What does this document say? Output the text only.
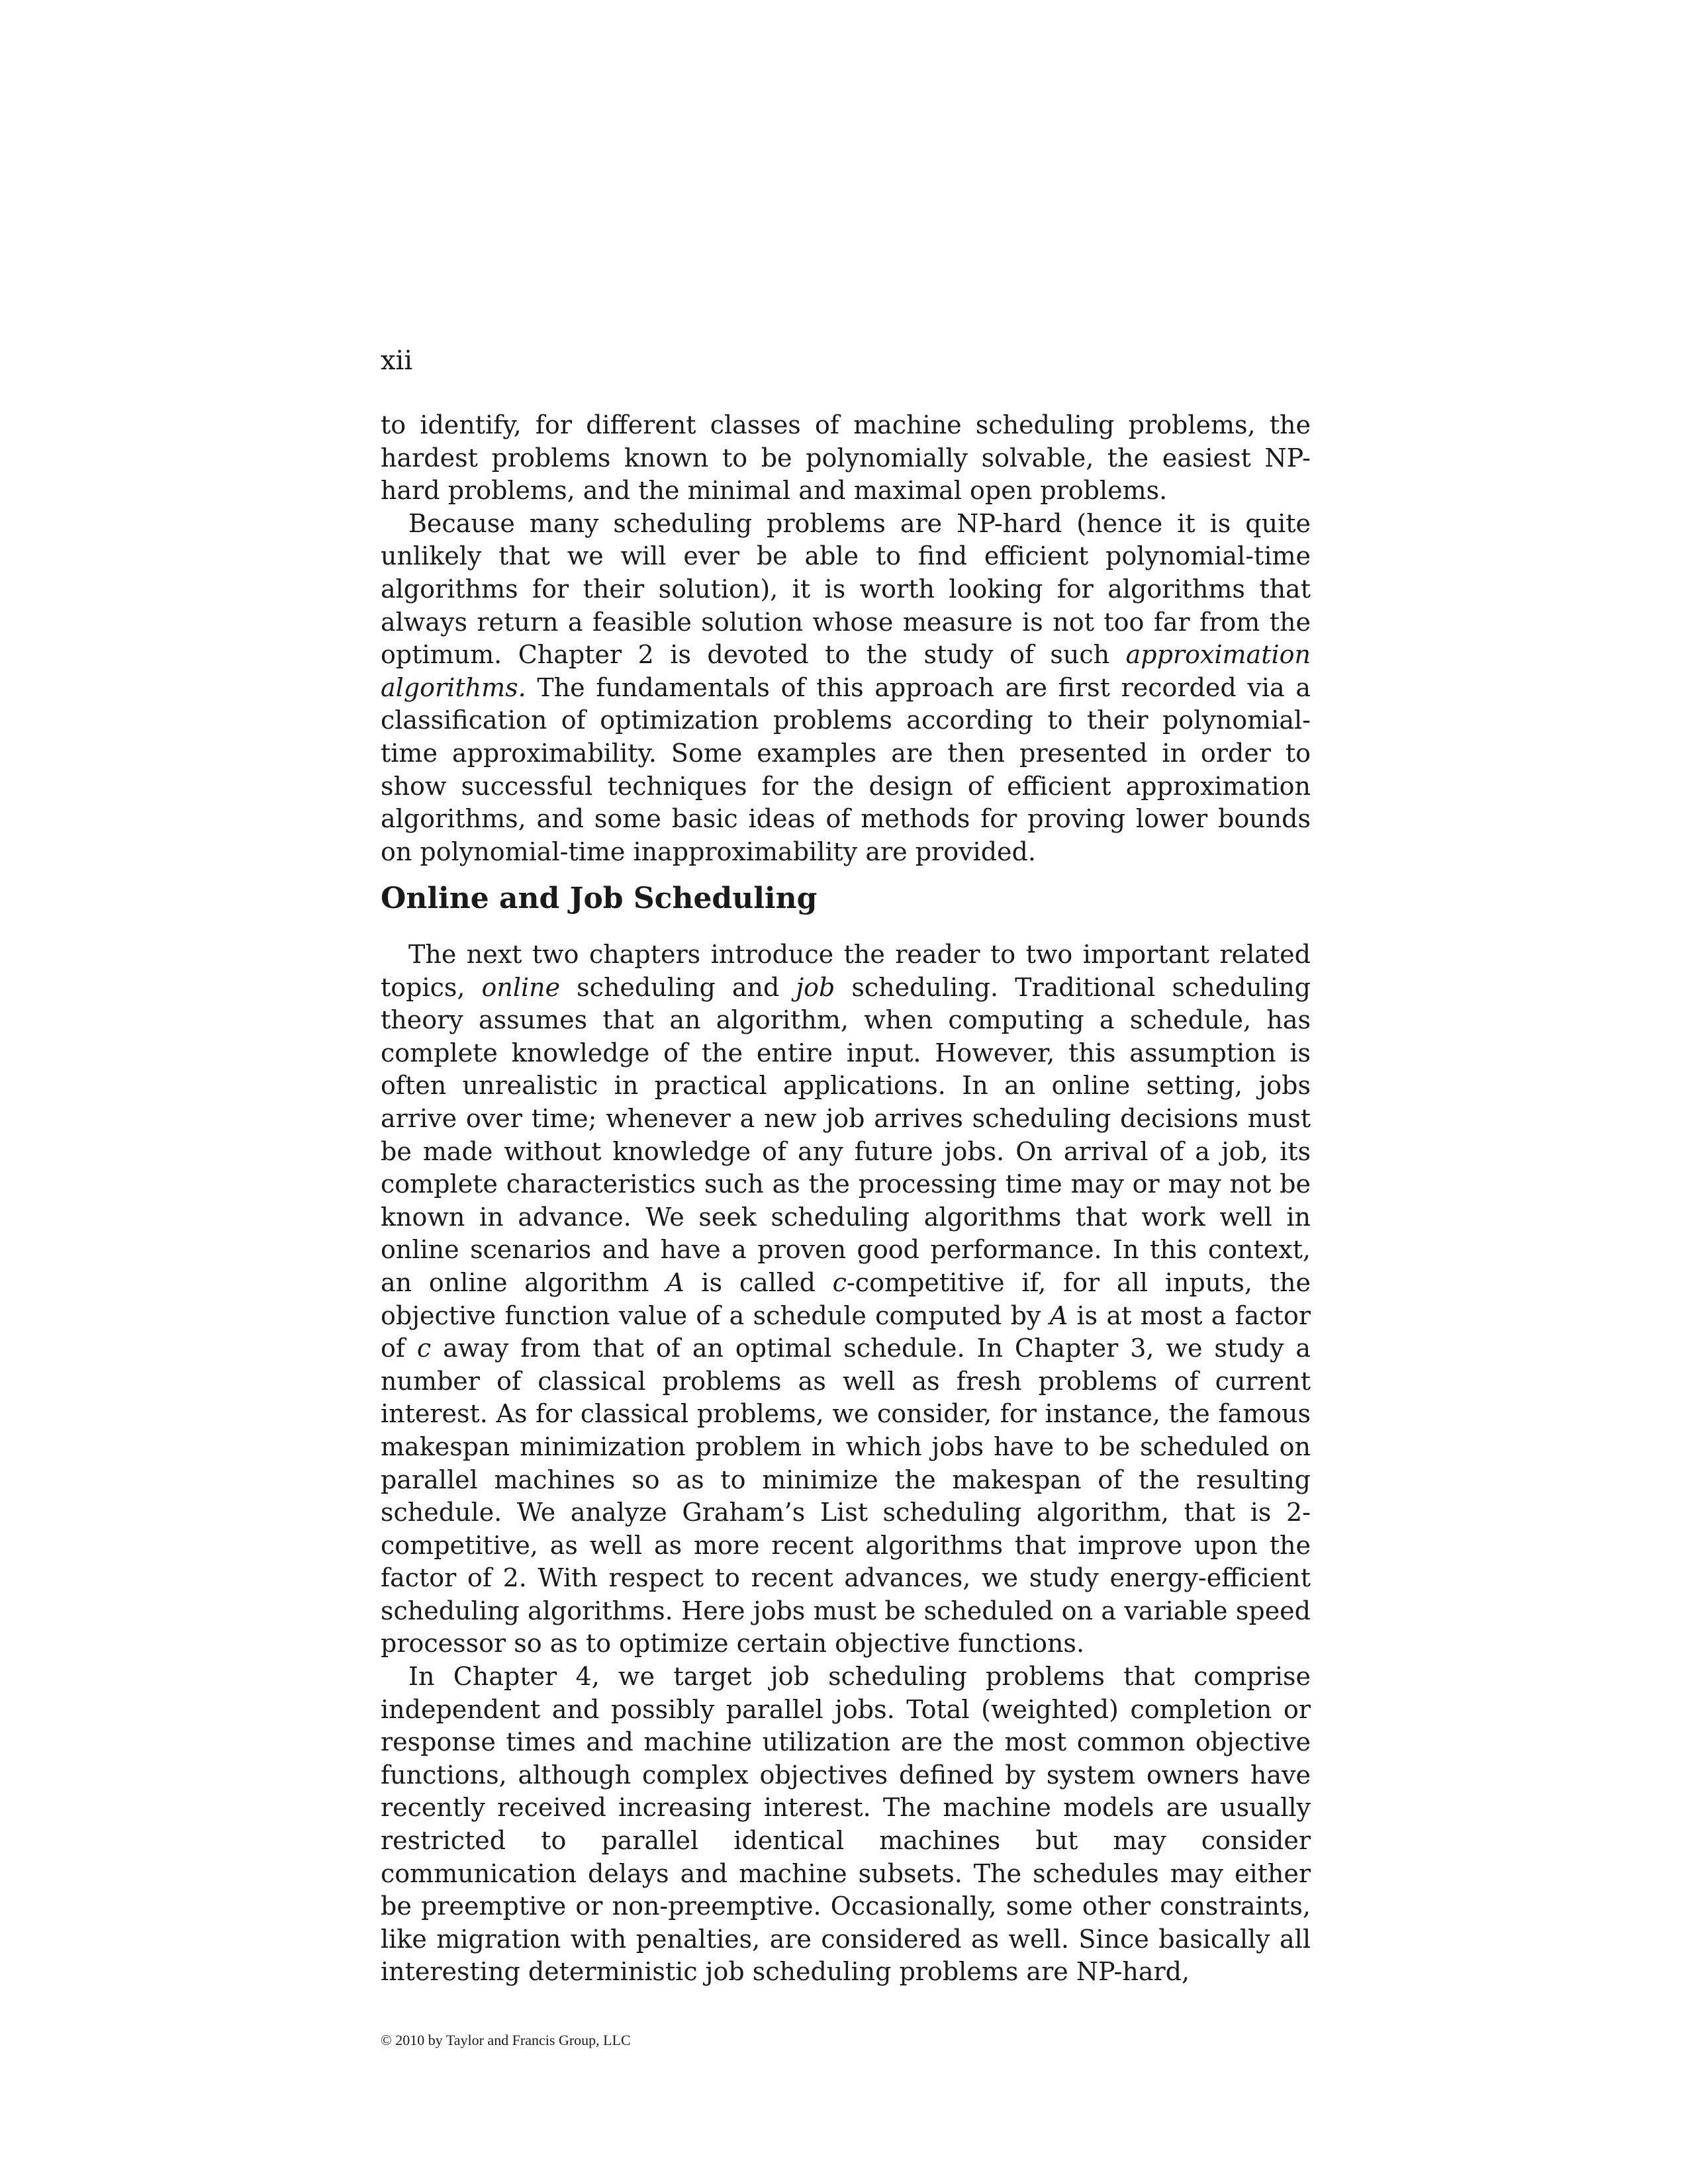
xii

to identify, for different classes of machine scheduling problems, the hardest problems known to be polynomially solvable, the easiest NP-hard problems, and the minimal and maximal open problems.

Because many scheduling problems are NP-hard (hence it is quite unlikely that we will ever be able to find efficient polynomial-time algorithms for their solution), it is worth looking for algorithms that always return a feasible solution whose measure is not too far from the optimum. Chapter 2 is devoted to the study of such approximation algorithms. The fundamentals of this approach are first recorded via a classification of optimization problems according to their polynomial-time approximability. Some examples are then presented in order to show successful techniques for the design of efficient approximation algorithms, and some basic ideas of methods for proving lower bounds on polynomial-time inapproximability are provided.

Online and Job Scheduling

The next two chapters introduce the reader to two important related topics, online scheduling and job scheduling. Traditional scheduling theory assumes that an algorithm, when computing a schedule, has complete knowledge of the entire input. However, this assumption is often unrealistic in practical applications. In an online setting, jobs arrive over time; whenever a new job arrives scheduling decisions must be made without knowledge of any future jobs. On arrival of a job, its complete characteristics such as the processing time may or may not be known in advance. We seek scheduling algorithms that work well in online scenarios and have a proven good performance. In this context, an online algorithm A is called c-competitive if, for all inputs, the objective function value of a schedule computed by A is at most a factor of c away from that of an optimal schedule. In Chapter 3, we study a number of classical problems as well as fresh problems of current interest. As for classical problems, we consider, for instance, the famous makespan minimization problem in which jobs have to be scheduled on parallel machines so as to minimize the makespan of the resulting schedule. We analyze Graham’s List scheduling algorithm, that is 2-competitive, as well as more recent algorithms that improve upon the factor of 2. With respect to recent advances, we study energy-efficient scheduling algorithms. Here jobs must be scheduled on a variable speed processor so as to optimize certain objective functions.

In Chapter 4, we target job scheduling problems that comprise independent and possibly parallel jobs. Total (weighted) completion or response times and machine utilization are the most common objective functions, although complex objectives defined by system owners have recently received increasing interest. The machine models are usually restricted to parallel identical machines but may consider communication delays and machine subsets. The schedules may either be preemptive or non-preemptive. Occasionally, some other constraints, like migration with penalties, are considered as well. Since basically all interesting deterministic job scheduling problems are NP-hard,

© 2010 by Taylor and Francis Group, LLC
